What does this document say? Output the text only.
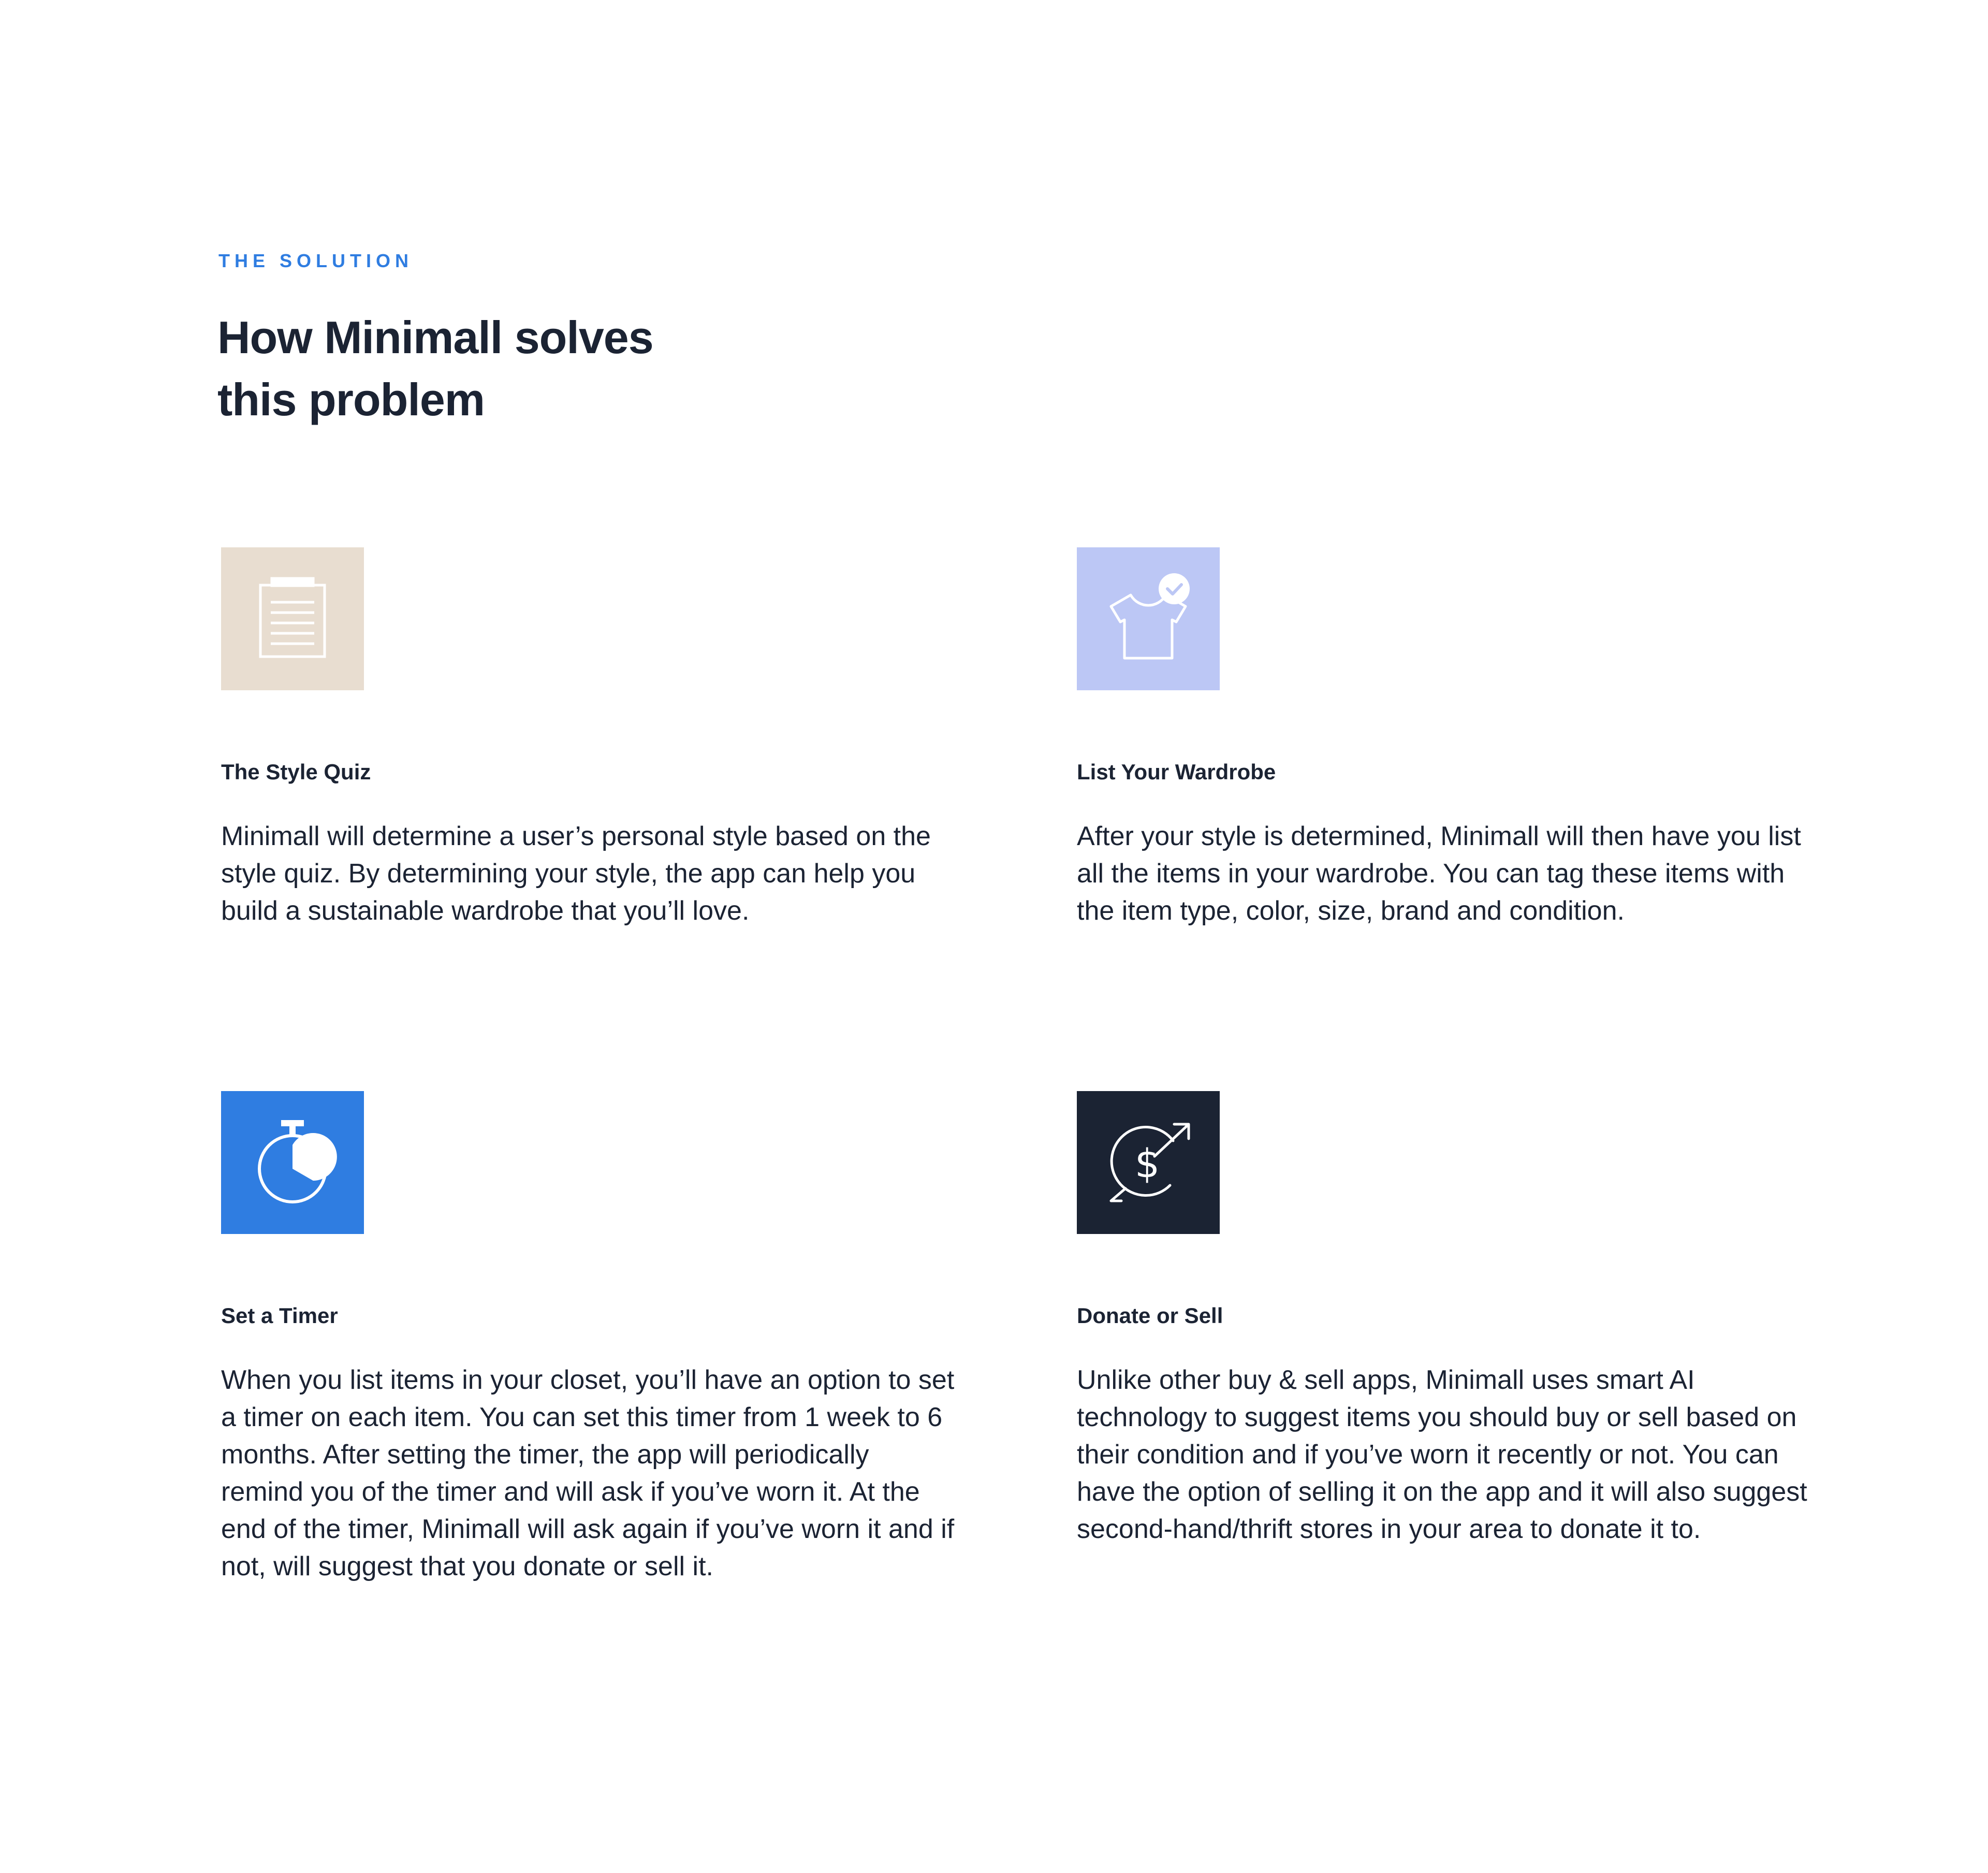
THE SOLUTION
How Minimall solves
this problem
The Style Quiz

Minimall will determine a user’s personal style based on the style quiz. By determining your style, the app can help you build a sustainable wardrobe that you’ll love.

List Your Wardrobe

After your style is determined, Minimall will then have you list all the items in your wardrobe. You can tag these items with the item type, color, size, brand and condition.

Set a Timer

When you list items in your closet, you’ll have an option to set a timer on each item. You can set this timer from 1 week to 6 months. After setting the timer, the app will periodically remind you of the timer and will ask if you’ve worn it. At the end of the timer, Minimall will ask again if you’ve worn it and if not, will suggest that you donate or sell it.

$
Donate or Sell

Unlike other buy & sell apps, Minimall uses smart AI technology to suggest items you should buy or sell based on their condition and if you’ve worn it recently or not. You can have the option of selling it on the app and it will also suggest second-hand/thrift stores in your area to donate it to.
